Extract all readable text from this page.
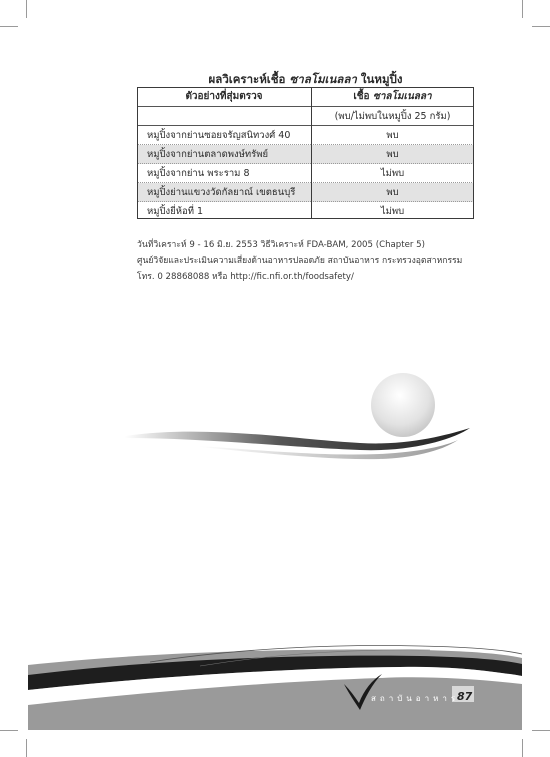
ผลวิเคราะห์เชื้อ ซาลโมเนลลา ในหมูปิ้ง
ตัวอย่างที่สุ่มตรวจ	เชื้อ ซาลโมเนลลา
	(พบ/ไม่พบในหมูปิ้ง 25 กรัม)
หมูปิ้งจากย่านซอยจรัญสนิทวงศ์ 40	พบ
หมูปิ้งจากย่านตลาดพงษ์ทรัพย์	พบ
หมูปิ้งจากย่าน พระราม 8	ไม่พบ
หมูปิ้งย่านแขวงวัดกัลยาณ์ เขตธนบุรี	พบ
หมูปิ้งยี่ห้อที่ 1	ไม่พบ
วันที่วิเคราะห์ 9 - 16 มิ.ย. 2553 วิธีวิเคราะห์ FDA-BAM, 2005 (Chapter 5)
ศูนย์วิจัยและประเมินความเสี่ยงด้านอาหารปลอดภัย สถาบันอาหาร กระทรวงอุตสาหกรรม
โทร. 0 28868088 หรือ http://fic.nfi.or.th/foodsafety/
สถาบันอาหาร
87
